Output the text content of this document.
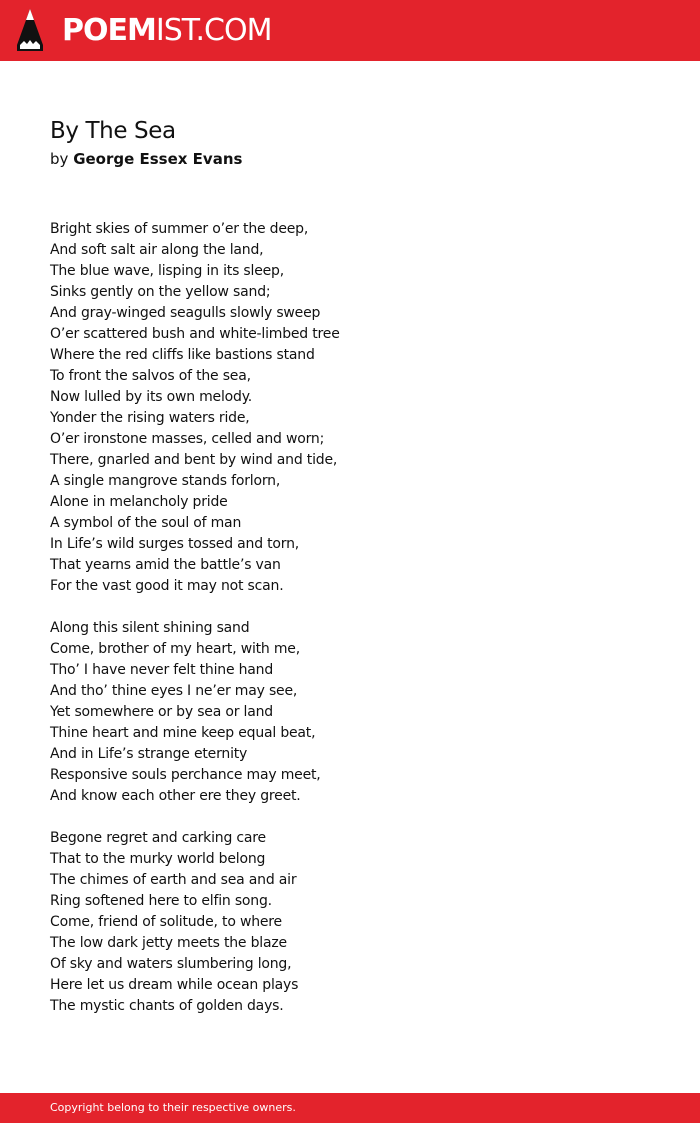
POEMIST.COM
By The Sea
by George Essex Evans
Bright skies of summer o’er the deep,
And soft salt air along the land,
The blue wave, lisping in its sleep,
Sinks gently on the yellow sand;
And gray-winged seagulls slowly sweep
O’er scattered bush and white-limbed tree
Where the red cliffs like bastions stand
To front the salvos of the sea,
Now lulled by its own melody.
Yonder the rising waters ride,
O’er ironstone masses, celled and worn;
There, gnarled and bent by wind and tide,
A single mangrove stands forlorn,
Alone in melancholy pride
A symbol of the soul of man
In Life’s wild surges tossed and torn,
That yearns amid the battle’s van
For the vast good it may not scan.
Along this silent shining sand
Come, brother of my heart, with me,
Tho’ I have never felt thine hand
And tho’ thine eyes I ne’er may see,
Yet somewhere or by sea or land
Thine heart and mine keep equal beat,
And in Life’s strange eternity
Responsive souls perchance may meet,
And know each other ere they greet.
Begone regret and carking care
That to the murky world belong
The chimes of earth and sea and air
Ring softened here to elfin song.
Come, friend of solitude, to where
The low dark jetty meets the blaze
Of sky and waters slumbering long,
Here let us dream while ocean plays
The mystic chants of golden days.
Copyright belong to their respective owners.
